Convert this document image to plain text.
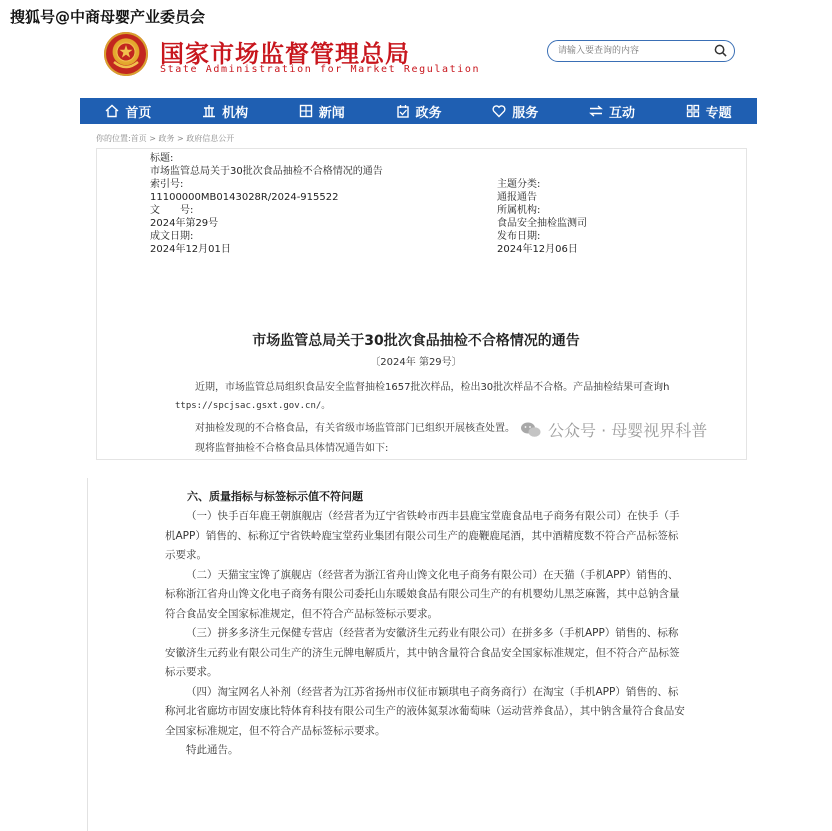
搜狐号@中商母婴产业委员会
国家市场监督管理总局
State Administration for Market Regulation
请输入要查询的内容
首页	机构	新闻	政务	服务	互动	专题
你的位置:首页 > 政务 > 政府信息公开
标题:
市场监管总局关于30批次食品抽检不合格情况的通告
索引号:
11100000MB0143028R/2024-915522
文　　号:
2024年第29号
成文日期:
2024年12月01日
主题分类:
通报通告
所属机构:
食品安全抽检监测司
发布日期:
2024年12月06日
市场监管总局关于30批次食品抽检不合格情况的通告
〔2024年 第29号〕
近期，市场监管总局组织食品安全监督抽检1657批次样品，检出30批次样品不合格。产品抽检结果可查询h
ttps://spcjsac.gsxt.gov.cn/。
对抽检发现的不合格食品，有关省级市场监管部门已组织开展核查处置。
现将监督抽检不合格食品具体情况通告如下:
公众号 · 母婴视界科普
六、质量指标与标签标示值不符问题

（一）快手百年鹿王朝旗舰店（经营者为辽宁省铁岭市西丰县鹿宝堂鹿食品电子商务有限公司）在快手（手机APP）销售的、标称辽宁省铁岭鹿宝堂药业集团有限公司生产的鹿鞭鹿尾酒，其中酒精度数不符合产品标签标示要求。

（二）天猫宝宝馋了旗舰店（经营者为浙江省舟山馋文化电子商务有限公司）在天猫（手机APP）销售的、标称浙江省舟山馋文化电子商务有限公司委托山东暖娘食品有限公司生产的有机婴幼儿黑芝麻酱，其中总钠含量符合食品安全国家标准规定，但不符合产品标签标示要求。

（三）拼多多济生元保健专营店（经营者为安徽济生元药业有限公司）在拼多多（手机APP）销售的、标称安徽济生元药业有限公司生产的济生元牌电解质片，其中钠含量符合食品安全国家标准规定，但不符合产品标签标示要求。

（四）淘宝网名人补剂（经营者为江苏省扬州市仪征市颖琪电子商务商行）在淘宝（手机APP）销售的、标称河北省廊坊市固安康比特体育科技有限公司生产的液体氮泵冰葡萄味（运动营养食品），其中钠含量符合食品安全国家标准规定，但不符合产品标签标示要求。

特此通告。
